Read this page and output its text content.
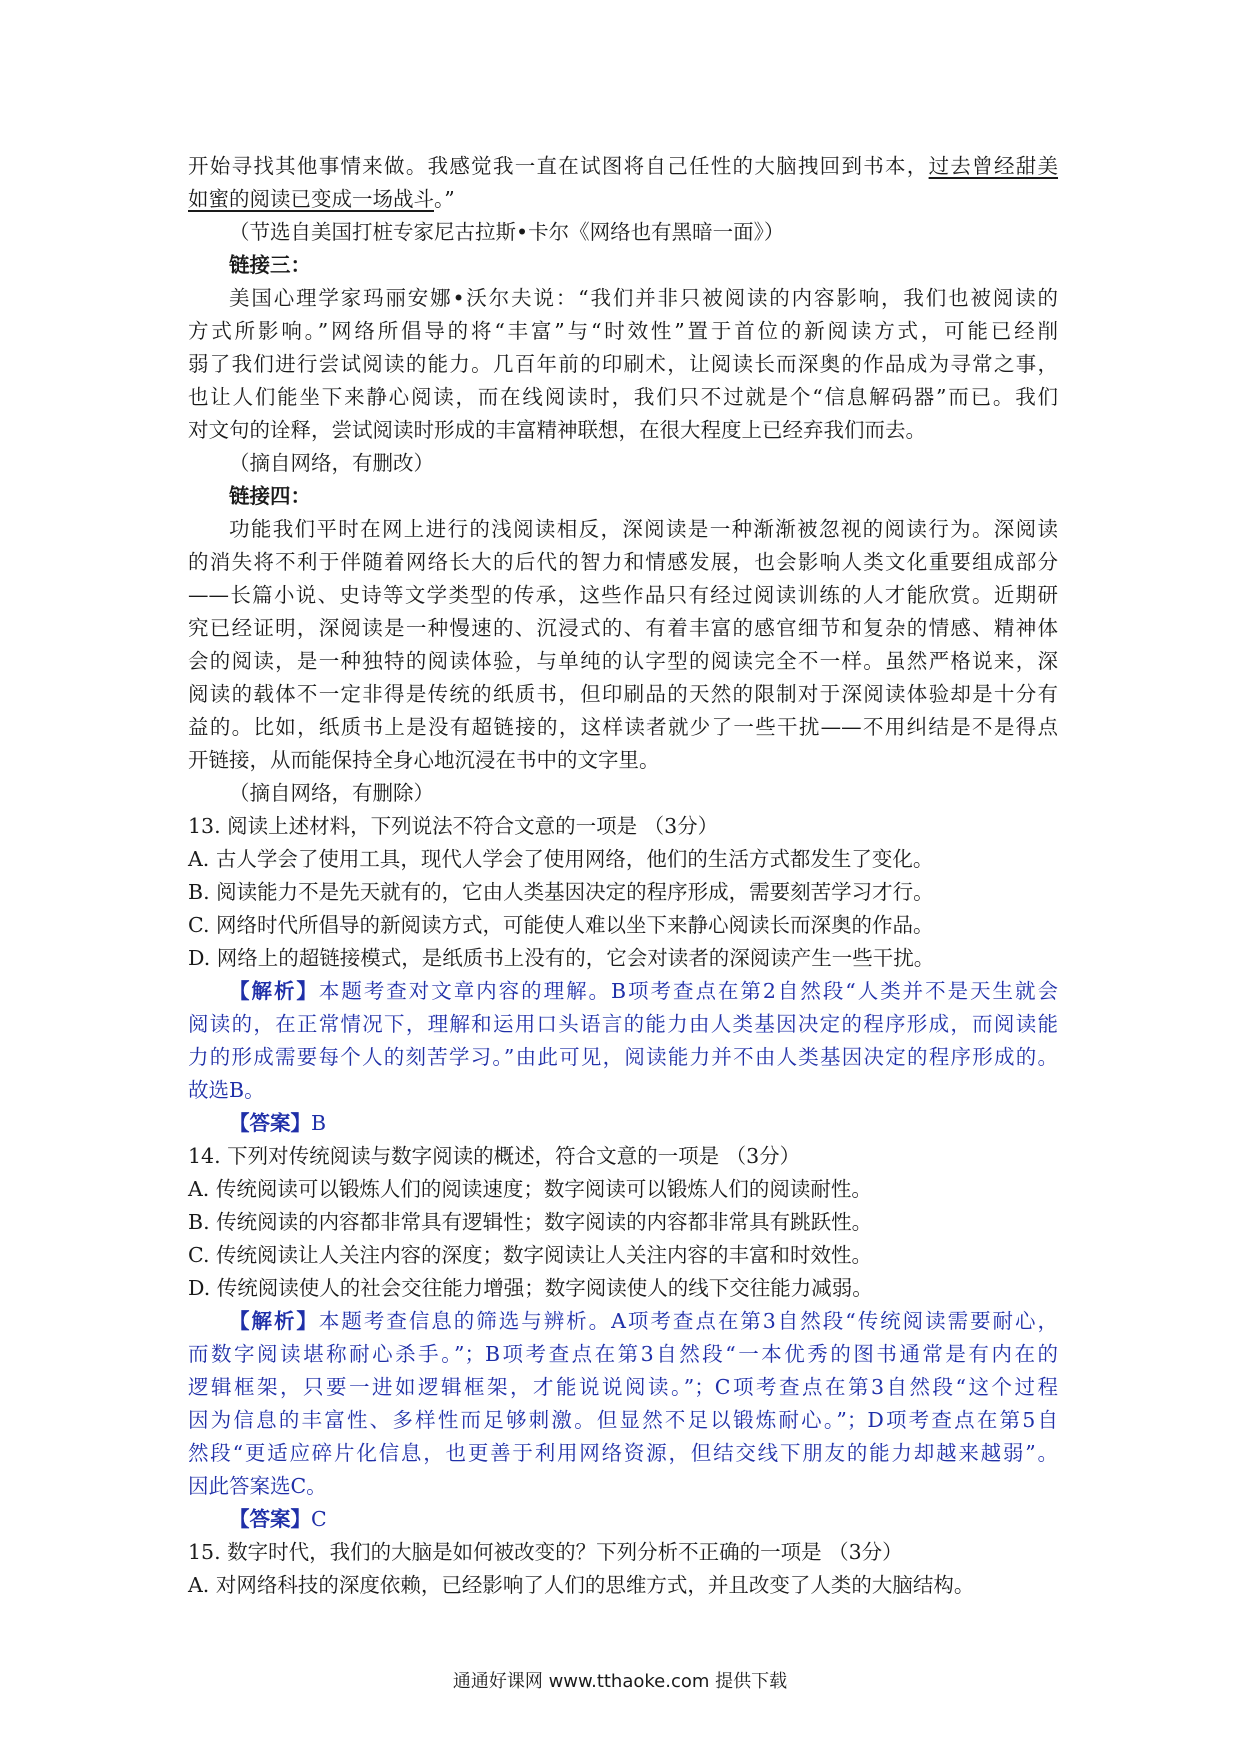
开始寻找其他事情来做。我感觉我一直在试图将自己任性的大脑拽回到书本，过去曾经甜美
如蜜的阅读已变成一场战斗。”
（节选自美国打桩专家尼古拉斯•卡尔《网络也有黑暗一面》）
链接三：
美国心理学家玛丽安娜•沃尔夫说：“我们并非只被阅读的内容影响，我们也被阅读的
方式所影响。”网络所倡导的将“丰富”与“时效性”置于首位的新阅读方式，可能已经削
弱了我们进行尝试阅读的能力。几百年前的印刷术，让阅读长而深奥的作品成为寻常之事，
也让人们能坐下来静心阅读，而在线阅读时，我们只不过就是个“信息解码器”而已。我们
对文句的诠释，尝试阅读时形成的丰富精神联想，在很大程度上已经弃我们而去。
（摘自网络，有删改）
链接四：
功能我们平时在网上进行的浅阅读相反，深阅读是一种渐渐被忽视的阅读行为。深阅读
的消失将不利于伴随着网络长大的后代的智力和情感发展，也会影响人类文化重要组成部分
——长篇小说、史诗等文学类型的传承，这些作品只有经过阅读训练的人才能欣赏。近期研
究已经证明，深阅读是一种慢速的、沉浸式的、有着丰富的感官细节和复杂的情感、精神体
会的阅读，是一种独特的阅读体验，与单纯的认字型的阅读完全不一样。虽然严格说来，深
阅读的载体不一定非得是传统的纸质书，但印刷品的天然的限制对于深阅读体验却是十分有
益的。比如，纸质书上是没有超链接的，这样读者就少了一些干扰——不用纠结是不是得点
开链接，从而能保持全身心地沉浸在书中的文字里。
（摘自网络，有删除）
13. 阅读上述材料，下列说法不符合文意的一项是 （3分）
A. 古人学会了使用工具，现代人学会了使用网络，他们的生活方式都发生了变化。
B. 阅读能力不是先天就有的，它由人类基因决定的程序形成，需要刻苦学习才行。
C. 网络时代所倡导的新阅读方式，可能使人难以坐下来静心阅读长而深奥的作品。
D. 网络上的超链接模式，是纸质书上没有的，它会对读者的深阅读产生一些干扰。
【解析】本题考查对文章内容的理解。B项考查点在第2自然段“人类并不是天生就会
阅读的，在正常情况下，理解和运用口头语言的能力由人类基因决定的程序形成，而阅读能
力的形成需要每个人的刻苦学习。”由此可见，阅读能力并不由人类基因决定的程序形成的。
故选B。
【答案】B
14. 下列对传统阅读与数字阅读的概述，符合文意的一项是 （3分）
A. 传统阅读可以锻炼人们的阅读速度；数字阅读可以锻炼人们的阅读耐性。
B. 传统阅读的内容都非常具有逻辑性；数字阅读的内容都非常具有跳跃性。
C. 传统阅读让人关注内容的深度；数字阅读让人关注内容的丰富和时效性。
D. 传统阅读使人的社会交往能力增强；数字阅读使人的线下交往能力减弱。
【解析】本题考查信息的筛选与辨析。A项考查点在第3自然段“传统阅读需要耐心，
而数字阅读堪称耐心杀手。”；B项考查点在第3自然段“一本优秀的图书通常是有内在的
逻辑框架，只要一进如逻辑框架，才能说说阅读。”；C项考查点在第3自然段“这个过程
因为信息的丰富性、多样性而足够刺激。但显然不足以锻炼耐心。”；D项考查点在第5自
然段“更适应碎片化信息，也更善于利用网络资源，但结交线下朋友的能力却越来越弱”。
因此答案选C。
【答案】C
15. 数字时代，我们的大脑是如何被改变的？下列分析不正确的一项是 （3分）
A. 对网络科技的深度依赖，已经影响了人们的思维方式，并且改变了人类的大脑结构。
通通好课网 www.tthaoke.com 提供下载
